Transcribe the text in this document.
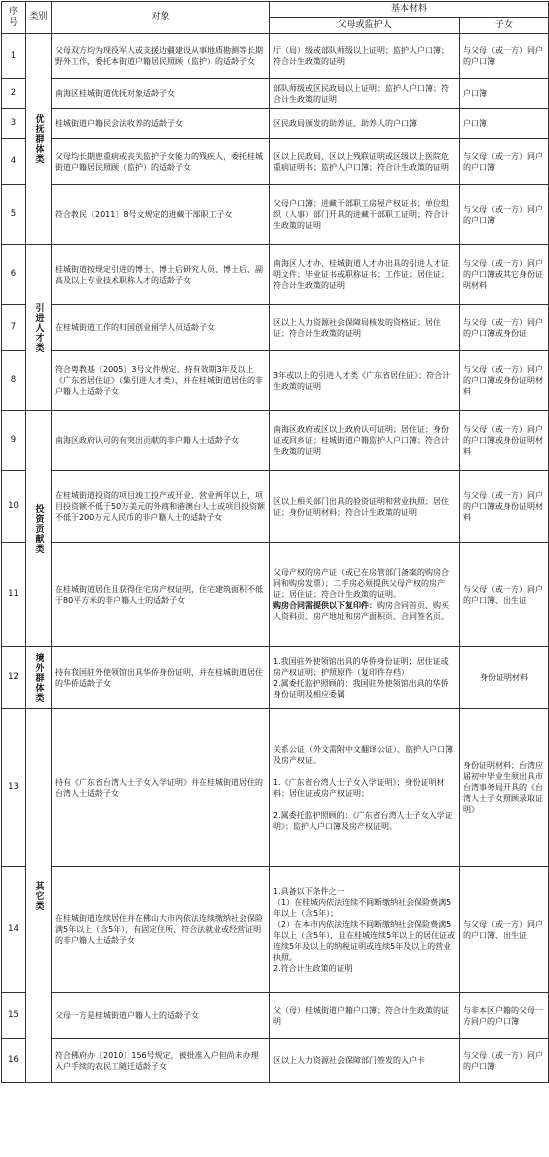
序号	类别	对象	基本材料	
			父母或监护人	子女
1	优抚群体类	父母双方均为现役军人或支援边疆建设从事地质勘测等长期野外工作，委托本街道户籍居民照顾（监护）的适龄子女	厅（局）级或部队师级以上证明；监护人户口簿；符合计生政策的证明	与父母（或一方）同户的户口簿
2		南海区桂城街道优抚对象适龄子女	部队师级或区民政局以上证明；监护人户口簿；符合计生政策的证明	户口簿
3		桂城街道户籍民会法收养的适龄子女	区民政局颁发的助养证、助养人的户口簿	户口簿
4		父母均长期患重病或丧失监护子女能力的残疾人，委托桂城街道户籍居民照顾（监护）的适龄子女	区以上民政局、区以上残联证明或区级以上医院危重病证明书；监护人户口簿；符合计生政策的证明	与父母（或一方）同户的户口簿
5		符合教民〔2011〕8号文规定的进藏干部职工子女	父母户口簿；进藏干部职工房屋产权证书；单位组织（人事）部门开具的进藏干部职工证明；符合计生政策的证明	与父母（或一方）同户的户口簿
6	引进人才类	桂城街道按规定引进的博士、博士后研究人员、博士后、副高及以上专业技术职称人才的适龄子女	南海区人才办、桂城街道人才办出具的引进人才证明文件；毕业证书或职称证书；工作证；居住证；符合计生政策的证明	与父母（或一方）同户的户口簿或其它身份证明材料
7		在桂城街道工作的归国创业留学人员适龄子女	区以上人力资源社会保障局核发的资格证；居住证；符合计生政策的证明	与父母（或一方）同户的户口簿或身份证
8		符合粤教基〔2005〕3号文件规定、持有效期3年及以上《广东省居住证》（集引进人才类），并在桂城街道居住的非户籍人士适龄子女	3年或以上的引进人才类《广东省居住证》；符合计生政策的证明	与父母（或一方）同户的户口簿或身份证明材料
9	投资贡献类	南海区政府认可的有突出贡献的非户籍人士适龄子女	南海区政府或区以上政府认可证明；居住证；身份证或回乡证；桂城街道户籍监护人户口簿；符合计生政策的证明	与父母（或一方）同户的户口簿或身份证明材料
10		在桂城街道投资的项目竣工投产或开业、营业两年以上，项目投资额不低于50万美元的外商和港澳台人士或项目投资额不低于200万元人民币的非户籍人士的适龄子女	区以上相关部门出具的验资证明和营业执照；居住证；身份证明材料；符合计生政策的证明	与父母（或一方）同户的户口簿或身份证明材料
11		在桂城街道居住且获得住宅房产权证明，住宅建筑面积不低于80平方米的非户籍人士的适龄子女	父母产权的房产证（或已在房管部门备案的购房合同和购房发票）；二手房必须提供父母产权的房产证；居住证；符合计生政策的证明。
购房合同需提供以下复印件：购房合同首页、购买人资料页、房产地址和房产面积页、合同签名页。	与父母（或一方）同户的户口簿、出生证
12	境外群体类	持有我国驻外使领馆出具华侨身份证明，并在桂城街道居住的华侨适龄子女	1.我国驻外使领馆出具的华侨身份证明；居住证或房产权证明；护照原件（复印件存档）
2.属委托监护照顾的：我国驻外使领馆出具的华侨身份证明及相应委属	身份证明材料
13	其它类	持有《广东省台湾人士子女入学证明》并在桂城街道居住的台湾人士适龄子女	关系公证（外文需附中文翻译公证）、监护人户口簿及房产权证。

1.《广东省台湾人士子女入学证明》；身份证明材料；居住证或房产权证明；

2.属委托监护照顾的：《广东省台湾人士子女入学证明》；监护人户口簿及房产权证明。	身份证明材料；台湾应届初中毕业生须出具市台湾事务局开具的《台湾人士子女照顾录取证明》
14		在桂城街道连续居住并在佛山大市内依法连续缴纳社会保险满5年以上（含5年），有固定住所、符合法就业或经营证明的非户籍人士适龄子女	1.具备以下条件之一
（1）在桂城内依法连续不间断缴纳社会保险费满5年以上（含5年）；
（2）在本市内依法连续不间断缴纳社会保险费满5年以上（含5年），且在桂城连续5年以上的居住证或连续5年及以上的纳税证明或连续5年及以上的营业执照。
2.符合计生政策的证明	与父母（或一方）同户的户口簿、出生证
15		父母一方是桂城街道户籍人士的适龄子女	父（母）桂城街道户籍户口簿；符合计生政策的证明	与非本区户籍的父母一方同户的户口簿
16		符合佛府办〔2010〕156号规定，被批准入户但尚未办理入户手续的农民工随迁适龄子女	区以上人力资源社会保障部门签发的入户卡	与父母（或一方）同户的户口簿
